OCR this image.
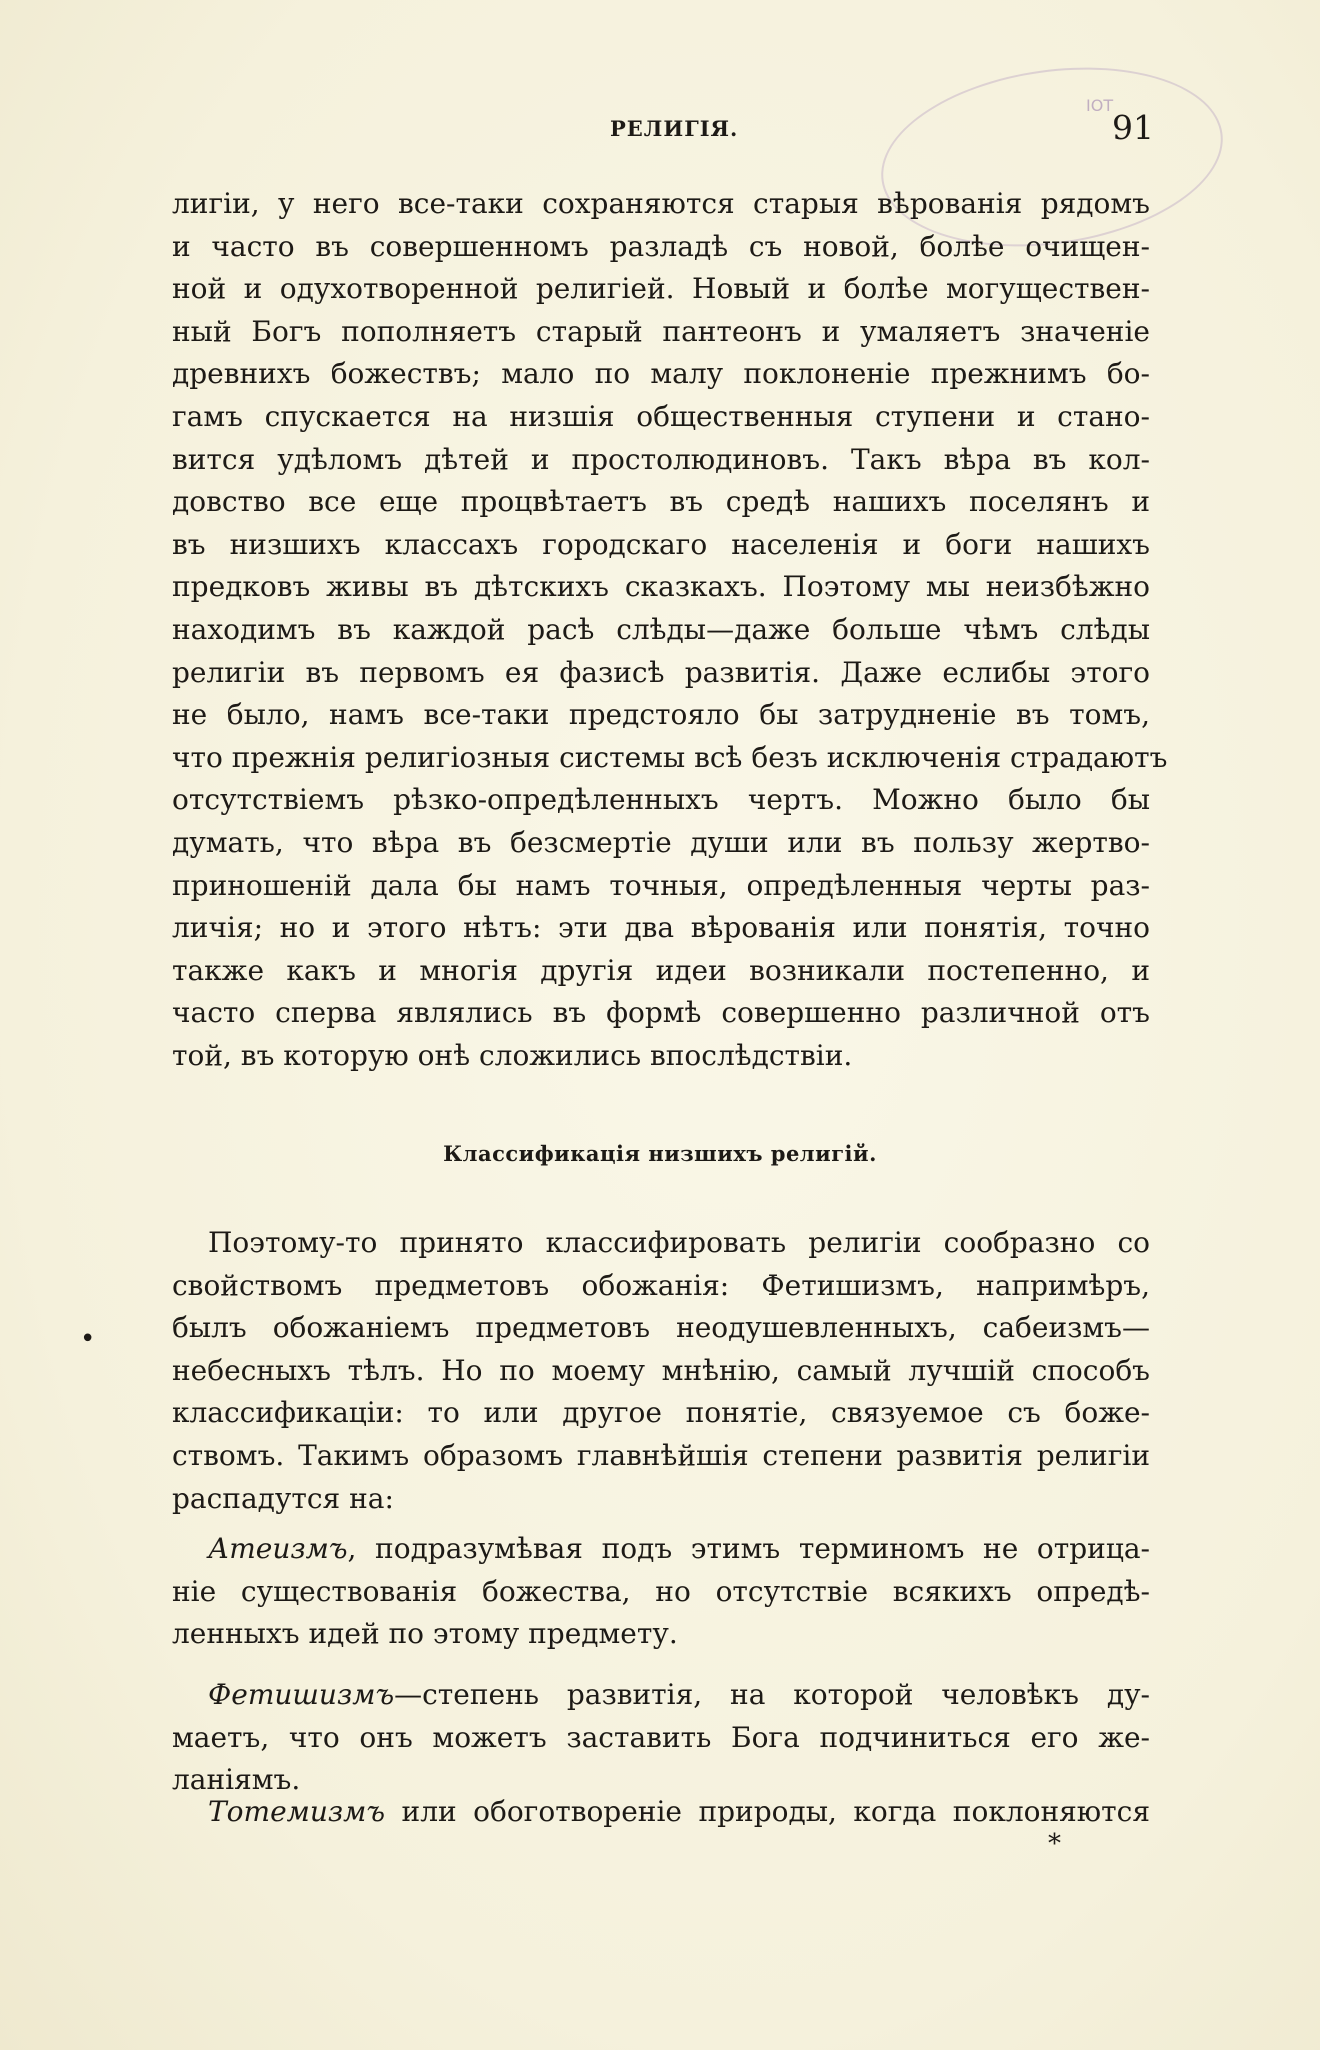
ІОТ
РЕЛИГІЯ.	91
лигіи, у него все-таки сохраняются старыя вѣрованія рядомъ
и часто въ совершенномъ разладѣ съ новой, болѣе очищен-
ной и одухотворенной религіей. Новый и болѣе могуществен-
ный Богъ пополняетъ старый пантеонъ и умаляетъ значеніе
древнихъ божествъ; мало по малу поклоненіе прежнимъ бо-
гамъ спускается на низшія общественныя ступени и стано-
вится удѣломъ дѣтей и простолюдиновъ. Такъ вѣра въ кол-
довство все еще процвѣтаетъ въ средѣ нашихъ поселянъ и
въ низшихъ классахъ городскаго населенія и боги нашихъ
предковъ живы въ дѣтскихъ сказкахъ. Поэтому мы неизбѣжно
находимъ въ каждой расѣ слѣды—даже больше чѣмъ слѣды
религіи въ первомъ ея фазисѣ развитія. Даже еслибы этого
не было, намъ все-таки предстояло бы затрудненіе въ томъ,
что прежнія религіозныя системы всѣ безъ исключенія страдаютъ
отсутствіемъ рѣзко-опредѣленныхъ чертъ. Можно было бы
думать, что вѣра въ безсмертіе души или въ пользу жертво-
приношеній дала бы намъ точныя, опредѣленныя черты раз-
личія; но и этого нѣтъ: эти два вѣрованія или понятія, точно
также какъ и многія другія идеи возникали постепенно, и
часто сперва являлись въ формѣ совершенно различной отъ
той, въ которую онѣ сложились впослѣдствіи.
Классификація низшихъ религій.
•
Поэтому-то принято классифировать религіи сообразно со
свойствомъ предметовъ обожанія: Фетишизмъ, напримѣръ,
былъ обожаніемъ предметовъ неодушевленныхъ, сабеизмъ—
небесныхъ тѣлъ. Но по моему мнѣнію, самый лучшій способъ
классификаціи: то или другое понятіе, связуемое съ боже-
ствомъ. Такимъ образомъ главнѣйшія степени развитія религіи
распадутся на:
Атеизмъ, подразумѣвая подъ этимъ терминомъ не отрица-
ніе существованія божества, но отсутствіе всякихъ опредѣ-
ленныхъ идей по этому предмету.
Фетишизмъ—степень развитія, на которой человѣкъ ду-
маетъ, что онъ можетъ заставить Бога подчиниться его же-
ланіямъ.
Тотемизмъ или обоготвореніе природы, когда поклоняются
*
